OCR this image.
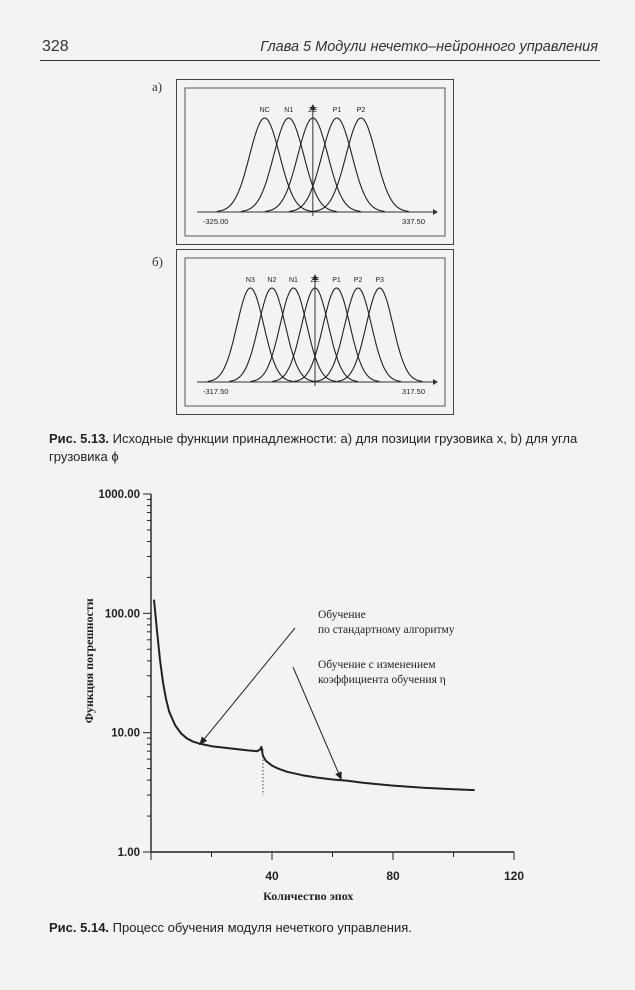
328	Глава 5 Модули нечетко–нейронного управления
а)
NC N1 ZE P1 P2
-325.00	337.50
б)
N3 N2 N1 ZE P1 P2 P3
-317.50	317.50
Рис. 5.13. Исходные функции принадлежности: a) для позиции грузовика x, b) для угла грузовика ϕ
1.00
10.00
100.00
1000.00
40	80	120
Количество эпох
Функция погрешности	Обучение
по стандартному алгоритму
Обучение с изменением
коэффициента обучения η
Рис. 5.14. Процесс обучения модуля нечеткого управления.
